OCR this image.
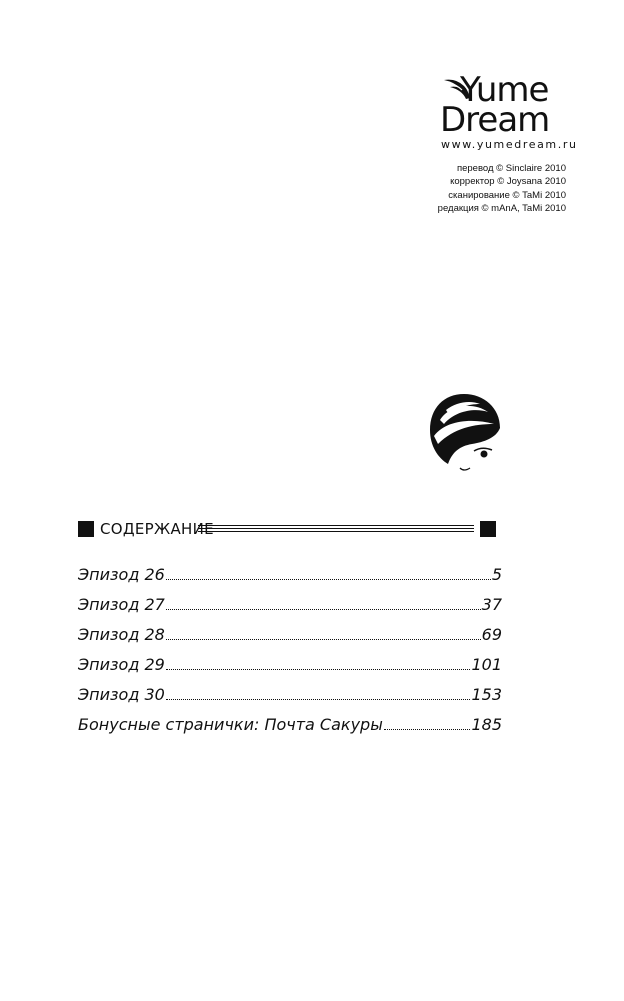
Yume
Dream
www.yumedream.ru
перевод © Sinclaire 2010
корректор © Joysana 2010
сканирование © TaMi 2010
редакция © mAnA, TaMi 2010
СОДЕРЖАНИЕ
Эпизод 26	5
Эпизод 27	37
Эпизод 28	69
Эпизод 29	101
Эпизод 30	153
Бонусные странички: Почта Сакуры	185
